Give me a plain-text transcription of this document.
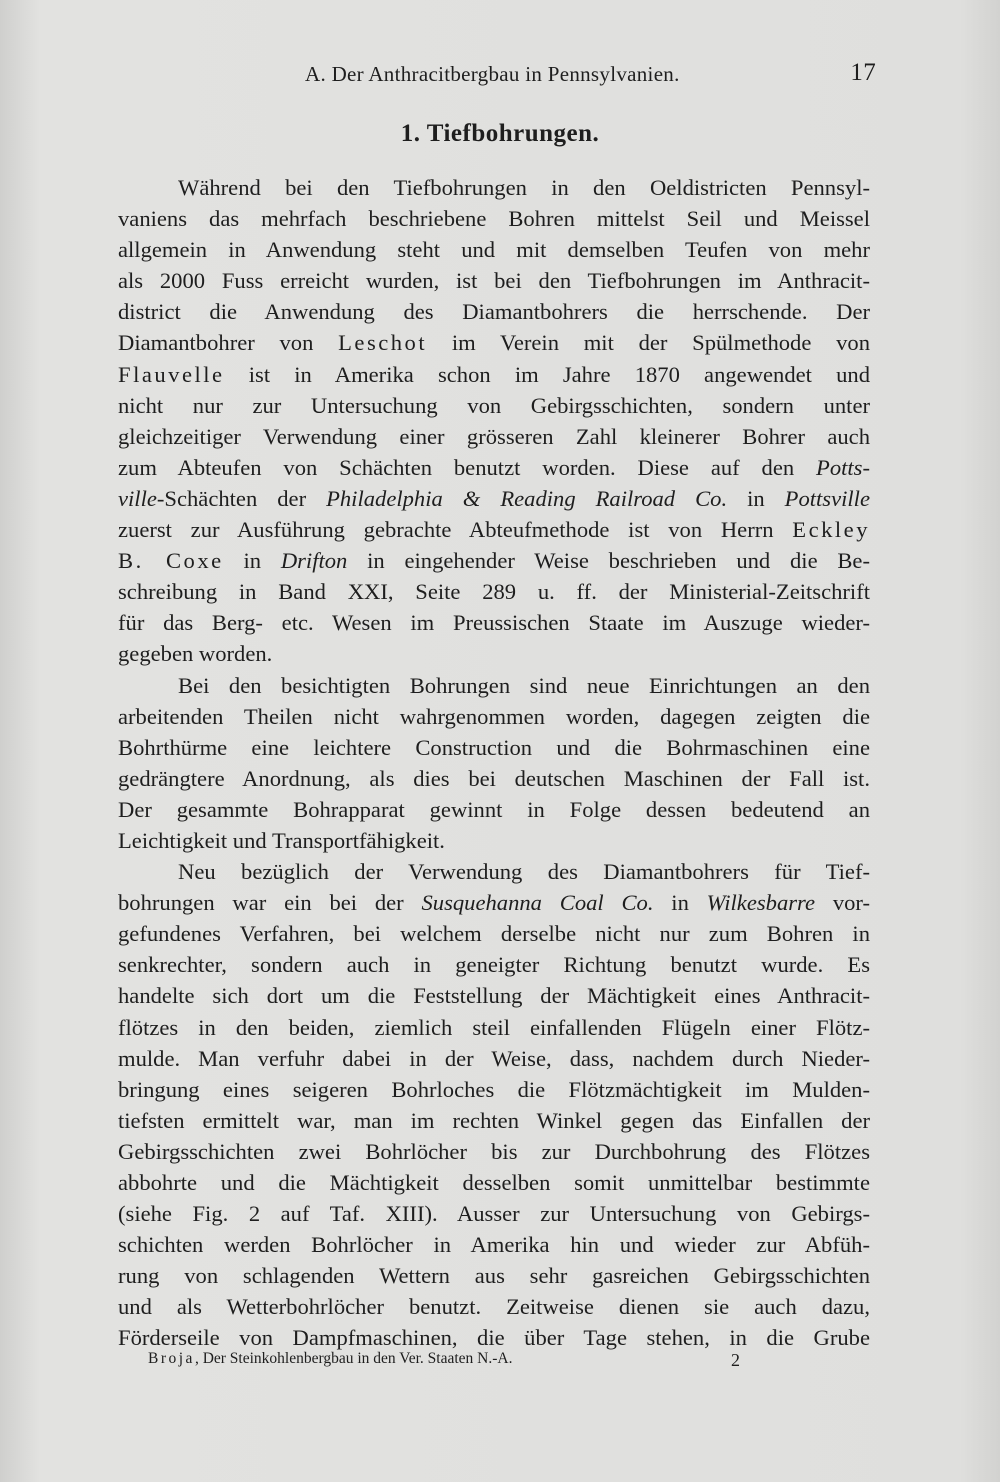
A. Der Anthracitbergbau in Pennsylvanien.	17
1. Tiefbohrungen.
Während bei den Tiefbohrungen in den Oeldistricten Pennsyl-
vaniens das mehrfach beschriebene Bohren mittelst Seil und Meissel
allgemein in Anwendung steht und mit demselben Teufen von mehr
als 2000 Fuss erreicht wurden, ist bei den Tiefbohrungen im Anthracit-
district die Anwendung des Diamantbohrers die herrschende. Der
Diamantbohrer von Leschot im Verein mit der Spülmethode von
Flauvelle ist in Amerika schon im Jahre 1870 angewendet und
nicht nur zur Untersuchung von Gebirgsschichten, sondern unter
gleichzeitiger Verwendung einer grösseren Zahl kleinerer Bohrer auch
zum Abteufen von Schächten benutzt worden. Diese auf den Potts-
ville-Schächten der Philadelphia & Reading Railroad Co. in Pottsville
zuerst zur Ausführung gebrachte Abteufmethode ist von Herrn Eckley
B. Coxe in Drifton in eingehender Weise beschrieben und die Be-
schreibung in Band XXI, Seite 289 u. ff. der Ministerial-Zeitschrift
für das Berg- etc. Wesen im Preussischen Staate im Auszuge wieder-
gegeben worden.
Bei den besichtigten Bohrungen sind neue Einrichtungen an den
arbeitenden Theilen nicht wahrgenommen worden, dagegen zeigten die
Bohrthürme eine leichtere Construction und die Bohrmaschinen eine
gedrängtere Anordnung, als dies bei deutschen Maschinen der Fall ist.
Der gesammte Bohrapparat gewinnt in Folge dessen bedeutend an
Leichtigkeit und Transportfähigkeit.
Neu bezüglich der Verwendung des Diamantbohrers für Tief-
bohrungen war ein bei der Susquehanna Coal Co. in Wilkesbarre vor-
gefundenes Verfahren, bei welchem derselbe nicht nur zum Bohren in
senkrechter, sondern auch in geneigter Richtung benutzt wurde. Es
handelte sich dort um die Feststellung der Mächtigkeit eines Anthracit-
flötzes in den beiden, ziemlich steil einfallenden Flügeln einer Flötz-
mulde. Man verfuhr dabei in der Weise, dass, nachdem durch Nieder-
bringung eines seigeren Bohrloches die Flötzmächtigkeit im Mulden-
tiefsten ermittelt war, man im rechten Winkel gegen das Einfallen der
Gebirgsschichten zwei Bohrlöcher bis zur Durchbohrung des Flötzes
abbohrte und die Mächtigkeit desselben somit unmittelbar bestimmte
(siehe Fig. 2 auf Taf. XIII). Ausser zur Untersuchung von Gebirgs-
schichten werden Bohrlöcher in Amerika hin und wieder zur Abfüh-
rung von schlagenden Wettern aus sehr gasreichen Gebirgsschichten
und als Wetterbohrlöcher benutzt. Zeitweise dienen sie auch dazu,
Förderseile von Dampfmaschinen, die über Tage stehen, in die Grube
Broja, Der Steinkohlenbergbau in den Ver. Staaten N.-A.	2
